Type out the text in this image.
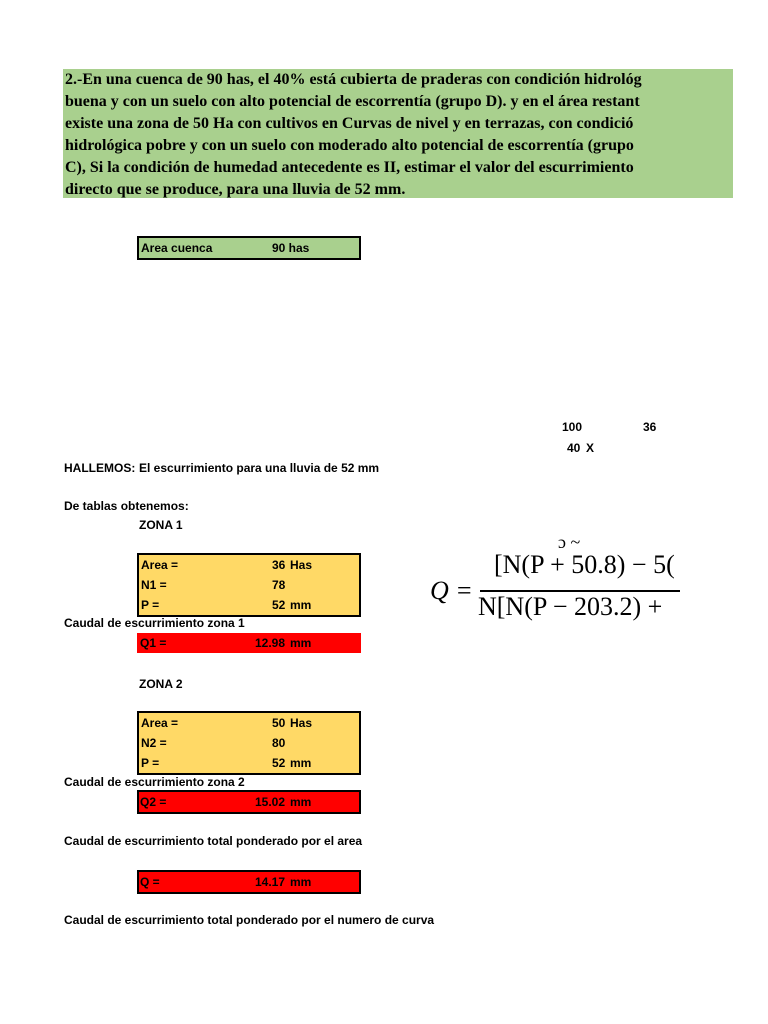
2.-En una cuenca de 90 has, el 40% está cubierta de praderas con condición hidrológ
buena y con un suelo con alto potencial de escorrentía (grupo D). y en el área restant
existe una zona de 50 Ha con cultivos en Curvas de nivel y en terrazas, con condició
hidrológica pobre y con un suelo con moderado alto potencial de escorrentía (grupo
C), Si la condición de humedad antecedente es II, estimar el valor del escurrimiento
directo que se produce, para una lluvia de 52 mm.
Area cuenca	90 has
100	36
40 X
HALLEMOS: El escurrimiento para una lluvia de 52 mm
De tablas obtenemos:
ZONA 1
Area =	36 Has
N1 =	78
P =	52 mm
Caudal de escurrimiento zona 1
Q1 =	12.98 mm
ZONA 2
Area =	50 Has
N2 =	80
P =	52 mm
Caudal de escurrimiento zona 2
Q2 =	15.02 mm
Caudal de escurrimiento total ponderado por el area
Q =	14.17 mm
Caudal de escurrimiento total ponderado por el numero de curva
ɔ ~
Q =
[N(P + 50.8) − 5(
N[N(P − 203.2) +
